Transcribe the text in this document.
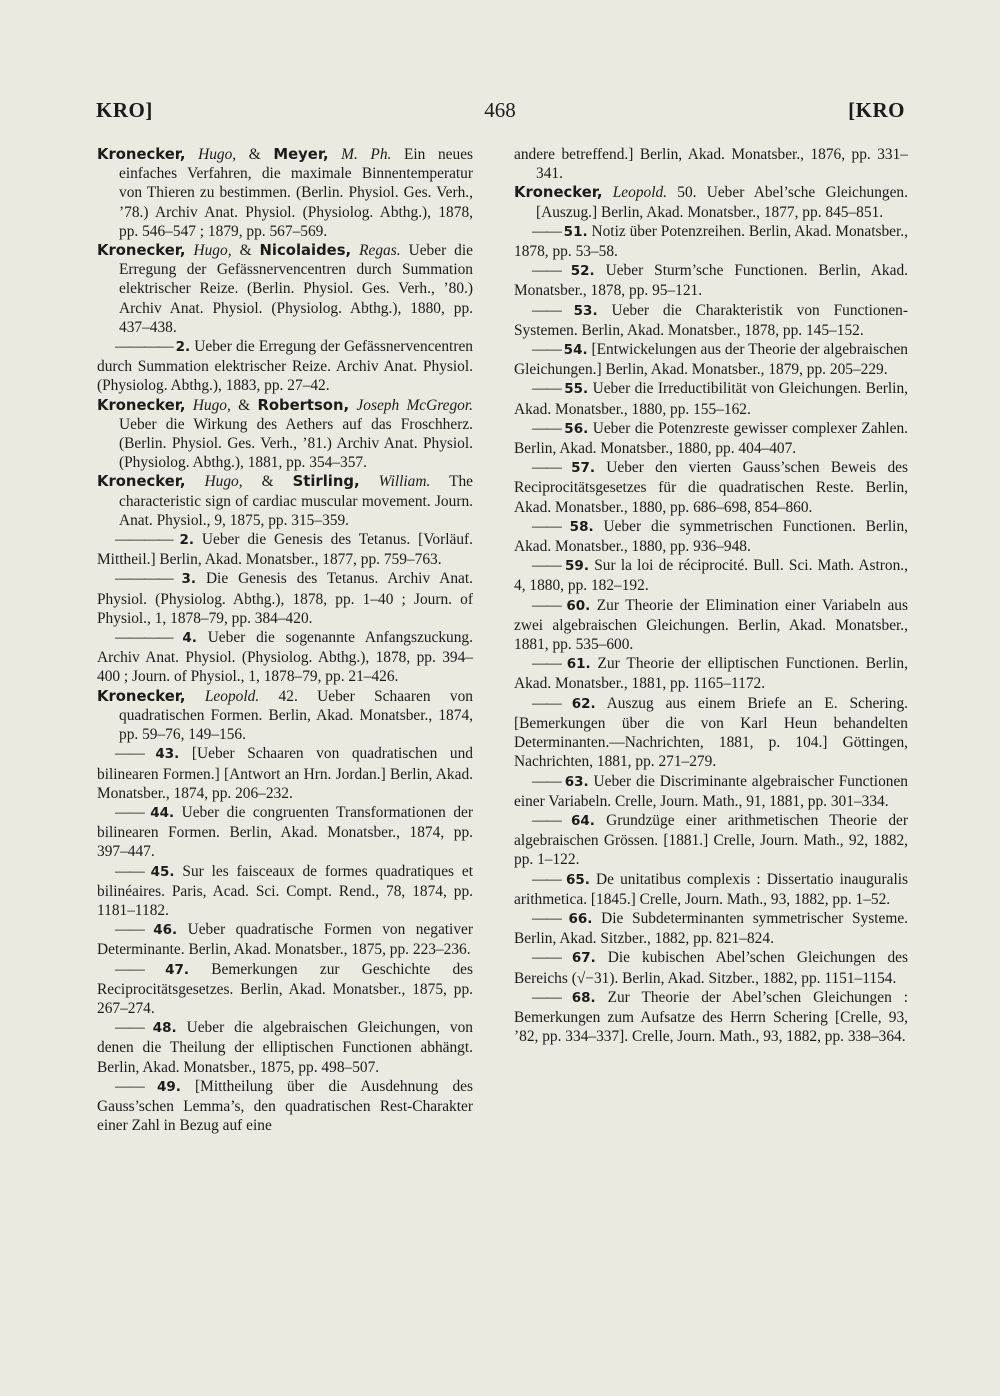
KRO]	468	[KRO

Kronecker, Hugo, & Meyer, M. Ph. Ein neues einfaches Verfahren, die maximale Binnentemperatur von Thieren zu bestimmen. (Berlin. Physiol. Ges. Verh., ’78.) Archiv Anat. Physiol. (Physiolog. Abthg.), 1878, pp. 546–547 ; 1879, pp. 567–569.

Kronecker, Hugo, & Nicolaides, Regas. Ueber die Erregung der Gefässnervencentren durch Summation elektrischer Reize. (Berlin. Physiol. Ges. Verh., ’80.) Archiv Anat. Physiol. (Physiolog. Abthg.), 1880, pp. 437–438.

———— 2. Ueber die Erregung der Gefässnervencentren durch Summation elektrischer Reize. Archiv Anat. Physiol. (Physiolog. Abthg.), 1883, pp. 27–42.

Kronecker, Hugo, & Robertson, Joseph McGregor. Ueber die Wirkung des Aethers auf das Froschherz. (Berlin. Physiol. Ges. Verh., ’81.) Archiv Anat. Physiol. (Physiolog. Abthg.), 1881, pp. 354–357.

Kronecker, Hugo, & Stirling, William. The characteristic sign of cardiac muscular movement. Journ. Anat. Physiol., 9, 1875, pp. 315–359.

———— 2. Ueber die Genesis des Tetanus. [Vorläuf. Mittheil.] Berlin, Akad. Monatsber., 1877, pp. 759–763.

———— 3. Die Genesis des Tetanus. Archiv Anat. Physiol. (Physiolog. Abthg.), 1878, pp. 1–40 ; Journ. of Physiol., 1, 1878–79, pp. 384–420.

———— 4. Ueber die sogenannte Anfangszuckung. Archiv Anat. Physiol. (Physiolog. Abthg.), 1878, pp. 394–400 ; Journ. of Physiol., 1, 1878–79, pp. 21–426.

Kronecker, Leopold. 42. Ueber Schaaren von quadratischen Formen. Berlin, Akad. Monatsber., 1874, pp. 59–76, 149–156.

—— 43. [Ueber Schaaren von quadratischen und bilinearen Formen.] [Antwort an Hrn. Jordan.] Berlin, Akad. Monatsber., 1874, pp. 206–232.

—— 44. Ueber die congruenten Transformationen der bilinearen Formen. Berlin, Akad. Monatsber., 1874, pp. 397–447.

—— 45. Sur les faisceaux de formes quadratiques et bilinéaires. Paris, Acad. Sci. Compt. Rend., 78, 1874, pp. 1181–1182.

—— 46. Ueber quadratische Formen von negativer Determinante. Berlin, Akad. Monatsber., 1875, pp. 223–236.

—— 47. Bemerkungen zur Geschichte des Reciprocitätsgesetzes. Berlin, Akad. Monatsber., 1875, pp. 267–274.

—— 48. Ueber die algebraischen Gleichungen, von denen die Theilung der elliptischen Functionen abhängt. Berlin, Akad. Monatsber., 1875, pp. 498–507.

—— 49. [Mittheilung über die Ausdehnung des Gauss’schen Lemma’s, den quadratischen Rest-Charakter einer Zahl in Bezug auf eine

andere betreffend.] Berlin, Akad. Monatsber., 1876, pp. 331–341.

Kronecker, Leopold. 50. Ueber Abel’sche Gleichungen. [Auszug.] Berlin, Akad. Monatsber., 1877, pp. 845–851.

—— 51. Notiz über Potenzreihen. Berlin, Akad. Monatsber., 1878, pp. 53–58.

—— 52. Ueber Sturm’sche Functionen. Berlin, Akad. Monatsber., 1878, pp. 95–121.

—— 53. Ueber die Charakteristik von Functionen-Systemen. Berlin, Akad. Monatsber., 1878, pp. 145–152.

—— 54. [Entwickelungen aus der Theorie der algebraischen Gleichungen.] Berlin, Akad. Monatsber., 1879, pp. 205–229.

—— 55. Ueber die Irreductibilität von Gleichungen. Berlin, Akad. Monatsber., 1880, pp. 155–162.

—— 56. Ueber die Potenzreste gewisser complexer Zahlen. Berlin, Akad. Monatsber., 1880, pp. 404–407.

—— 57. Ueber den vierten Gauss’schen Beweis des Reciprocitätsgesetzes für die quadratischen Reste. Berlin, Akad. Monatsber., 1880, pp. 686–698, 854–860.

—— 58. Ueber die symmetrischen Functionen. Berlin, Akad. Monatsber., 1880, pp. 936–948.

—— 59. Sur la loi de réciprocité. Bull. Sci. Math. Astron., 4, 1880, pp. 182–192.

—— 60. Zur Theorie der Elimination einer Variabeln aus zwei algebraischen Gleichungen. Berlin, Akad. Monatsber., 1881, pp. 535–600.

—— 61. Zur Theorie der elliptischen Functionen. Berlin, Akad. Monatsber., 1881, pp. 1165–1172.

—— 62. Auszug aus einem Briefe an E. Schering. [Bemerkungen über die von Karl Heun behandelten Determinanten.—Nachrichten, 1881, p. 104.] Göttingen, Nachrichten, 1881, pp. 271–279.

—— 63. Ueber die Discriminante algebraischer Functionen einer Variabeln. Crelle, Journ. Math., 91, 1881, pp. 301–334.

—— 64. Grundzüge einer arithmetischen Theorie der algebraischen Grössen. [1881.] Crelle, Journ. Math., 92, 1882, pp. 1–122.

—— 65. De unitatibus complexis : Dissertatio inauguralis arithmetica. [1845.] Crelle, Journ. Math., 93, 1882, pp. 1–52.

—— 66. Die Subdeterminanten symmetrischer Systeme. Berlin, Akad. Sitzber., 1882, pp. 821–824.

—— 67. Die kubischen Abel’schen Gleichungen des Bereichs (√−31). Berlin, Akad. Sitzber., 1882, pp. 1151–1154.

—— 68. Zur Theorie der Abel’schen Gleichungen : Bemerkungen zum Aufsatze des Herrn Schering [Crelle, 93, ’82, pp. 334–337]. Crelle, Journ. Math., 93, 1882, pp. 338–364.
